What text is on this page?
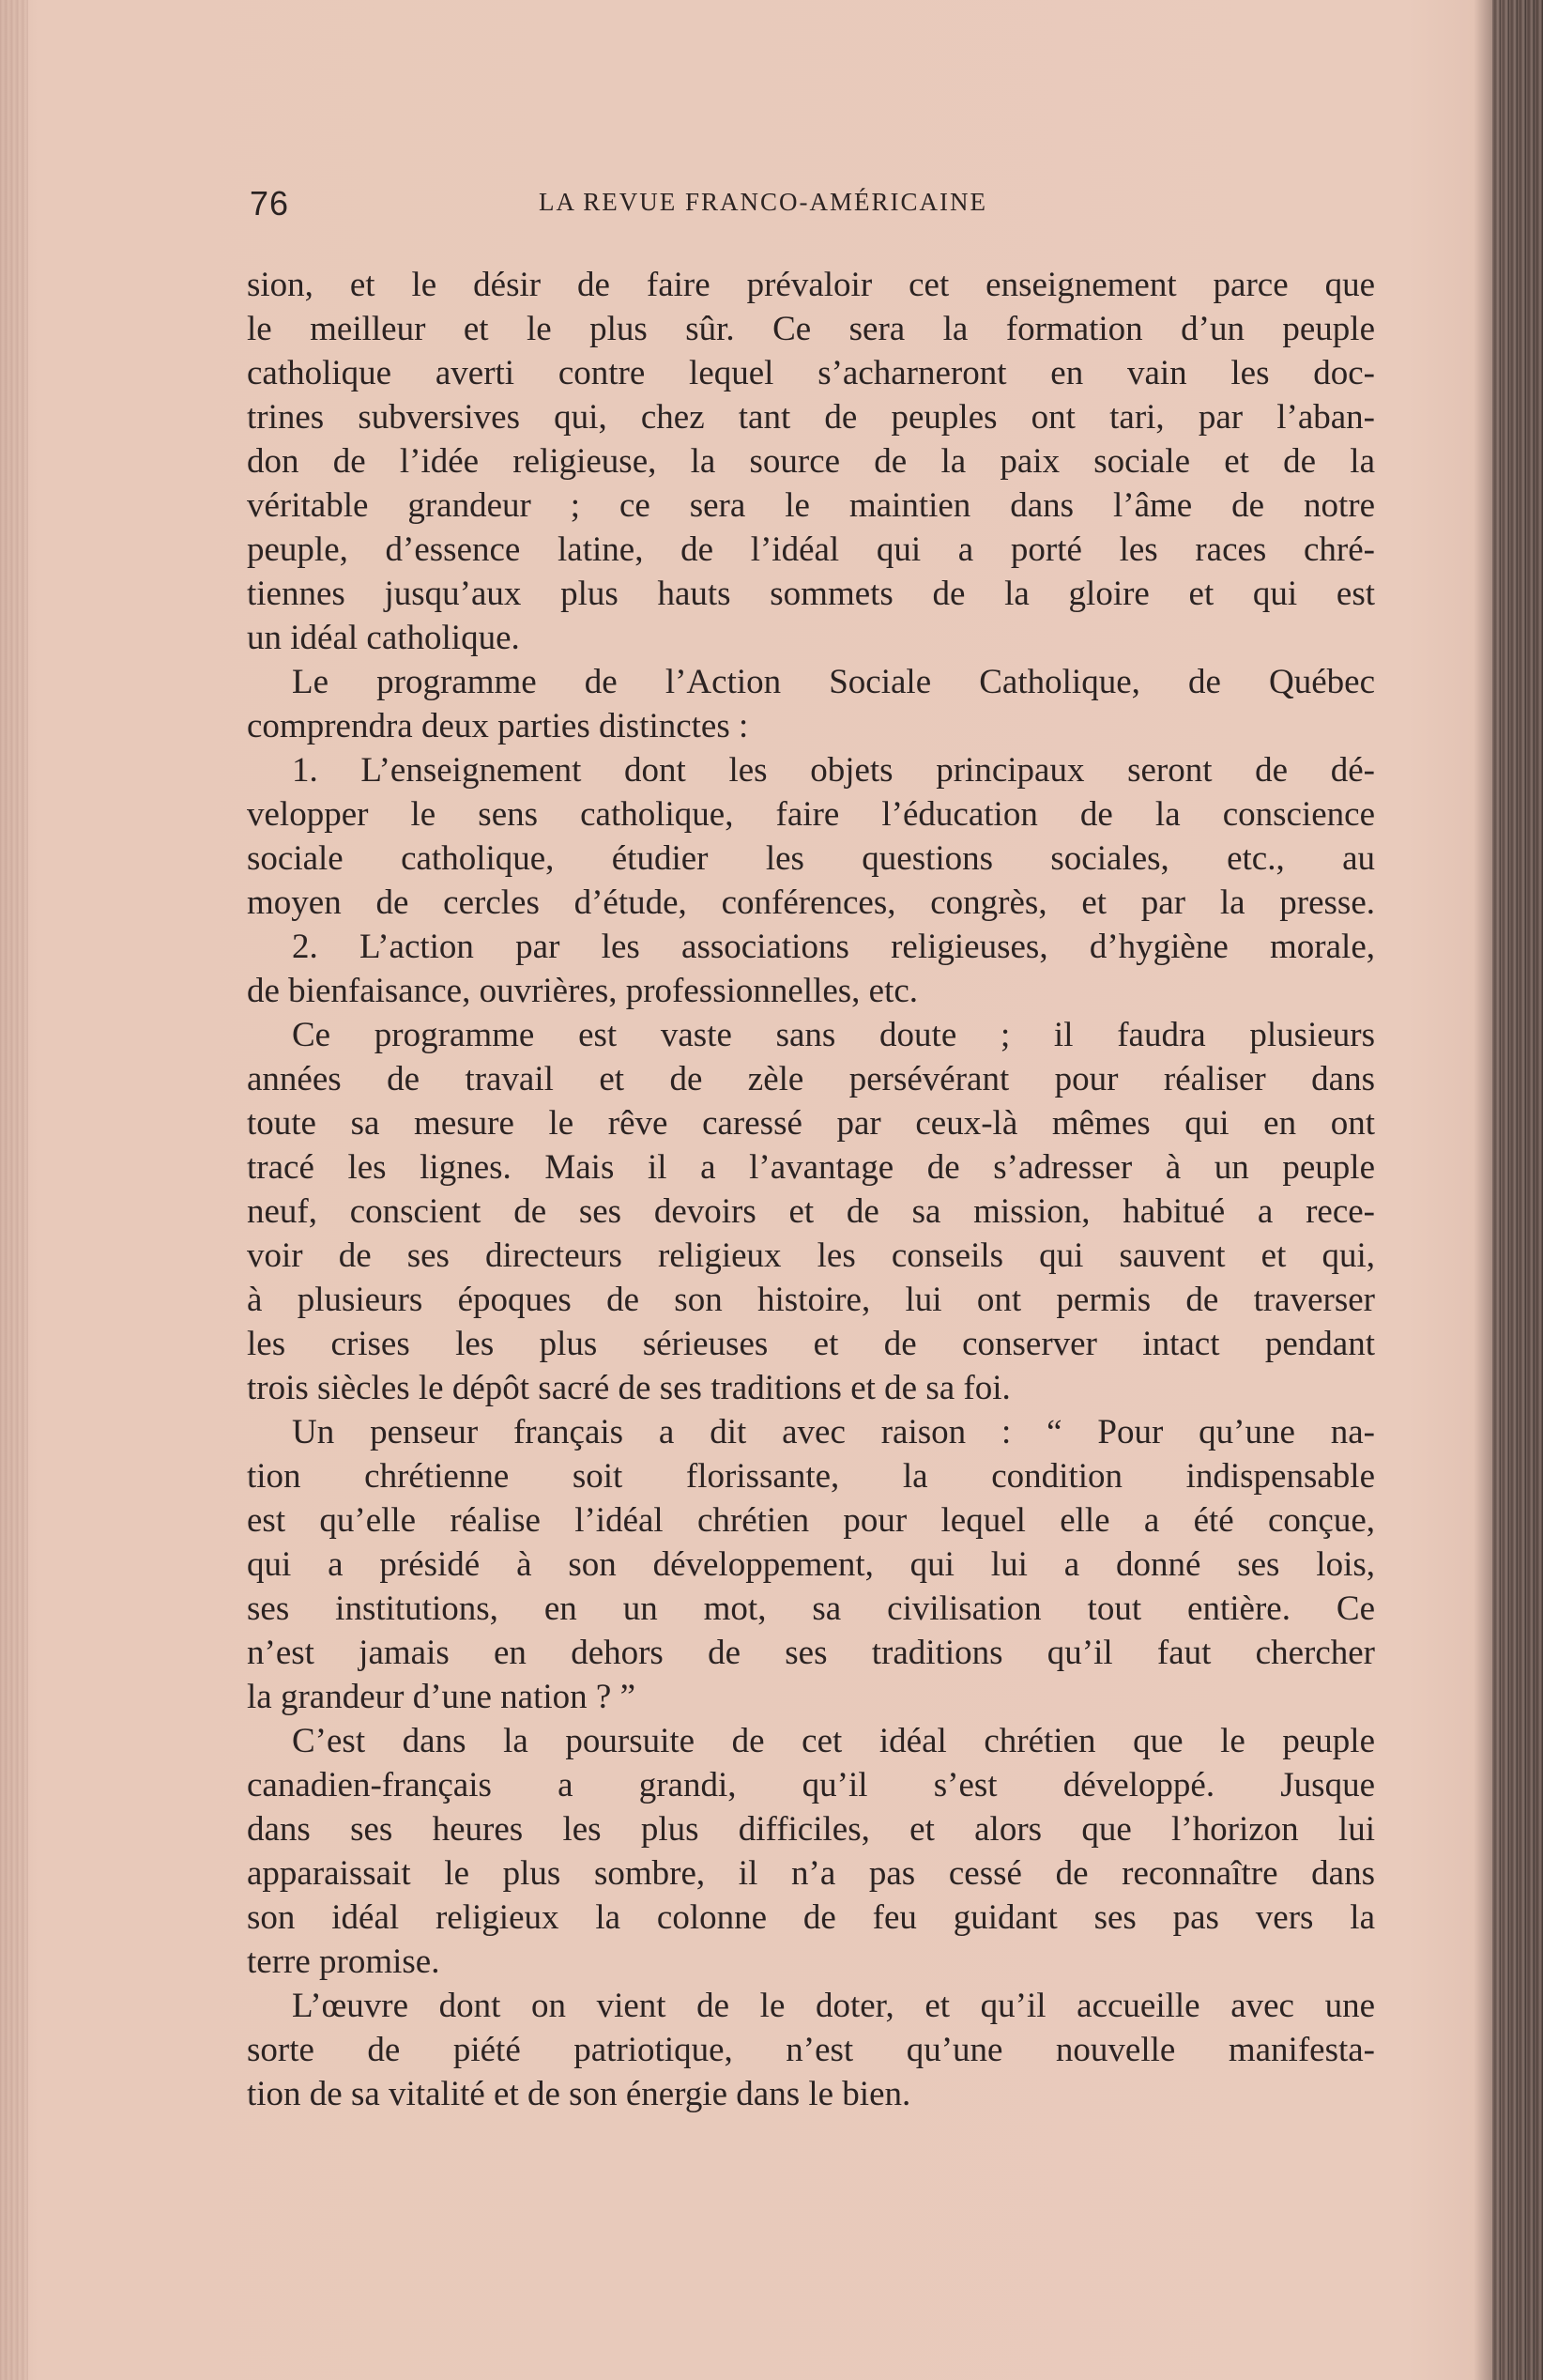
76	LA REVUE FRANCO-AMÉRICAINE
sion, et le désir de faire prévaloir cet enseignement parce que
le meilleur et le plus sûr. Ce sera la formation d’un peuple
catholique averti contre lequel s’acharneront en vain les doc-
trines subversives qui, chez tant de peuples ont tari, par l’aban-
don de l’idée religieuse, la source de la paix sociale et de la
véritable grandeur ; ce sera le maintien dans l’âme de notre
peuple, d’essence latine, de l’idéal qui a porté les races chré-
tiennes jusqu’aux plus hauts sommets de la gloire et qui est
un idéal catholique.
Le programme de l’Action Sociale Catholique, de Québec
comprendra deux parties distinctes :
1. L’enseignement dont les objets principaux seront de dé-
velopper le sens catholique, faire l’éducation de la conscience
sociale catholique, étudier les questions sociales, etc., au
moyen de cercles d’étude, conférences, congrès, et par la presse.
2. L’action par les associations religieuses, d’hygiène morale,
de bienfaisance, ouvrières, professionnelles, etc.
Ce programme est vaste sans doute ; il faudra plusieurs
années de travail et de zèle persévérant pour réaliser dans
toute sa mesure le rêve caressé par ceux-là mêmes qui en ont
tracé les lignes. Mais il a l’avantage de s’adresser à un peuple
neuf, conscient de ses devoirs et de sa mission, habitué a rece-
voir de ses directeurs religieux les conseils qui sauvent et qui,
à plusieurs époques de son histoire, lui ont permis de traverser
les crises les plus sérieuses et de conserver intact pendant
trois siècles le dépôt sacré de ses traditions et de sa foi.
Un penseur français a dit avec raison : “ Pour qu’une na-
tion chrétienne soit florissante, la condition indispensable
est qu’elle réalise l’idéal chrétien pour lequel elle a été conçue,
qui a présidé à son développement, qui lui a donné ses lois,
ses institutions, en un mot, sa civilisation tout entière. Ce
n’est jamais en dehors de ses traditions qu’il faut chercher
la grandeur d’une nation ? ”
C’est dans la poursuite de cet idéal chrétien que le peuple
canadien-français a grandi, qu’il s’est développé. Jusque
dans ses heures les plus difficiles, et alors que l’horizon lui
apparaissait le plus sombre, il n’a pas cessé de reconnaître dans
son idéal religieux la colonne de feu guidant ses pas vers la
terre promise.
L’œuvre dont on vient de le doter, et qu’il accueille avec une
sorte de piété patriotique, n’est qu’une nouvelle manifesta-
tion de sa vitalité et de son énergie dans le bien.
